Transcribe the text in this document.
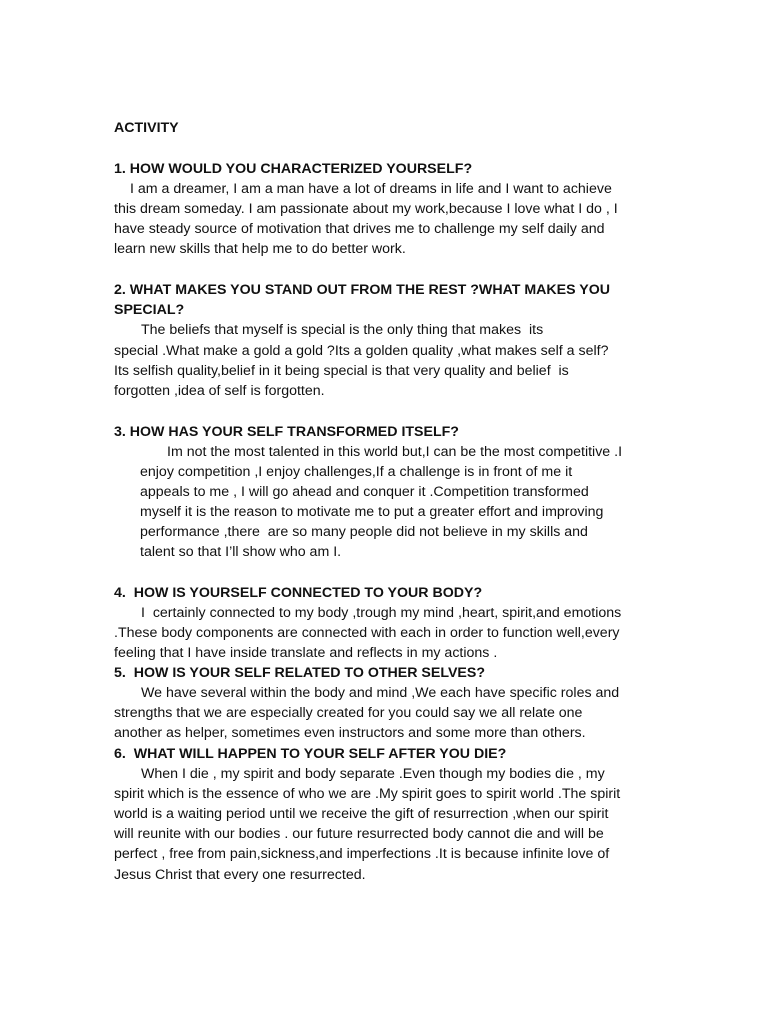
ACTIVITY
1. HOW WOULD YOU CHARACTERIZED YOURSELF?
I am a dreamer, I am a man have a lot of dreams in life and I want to achieve
this dream someday. I am passionate about my work,because I love what I do , I
have steady source of motivation that drives me to challenge my self daily and
learn new skills that help me to do better work.
2. WHAT MAKES YOU STAND OUT FROM THE REST ?WHAT MAKES YOU
SPECIAL?
The beliefs that myself is special is the only thing that makes  its
special .What make a gold a gold ?Its a golden quality ,what makes self a self?
Its selfish quality,belief in it being special is that very quality and belief  is
forgotten ,idea of self is forgotten.
3. HOW HAS YOUR SELF TRANSFORMED ITSELF?
Im not the most talented in this world but,I can be the most competitive .I
enjoy competition ,I enjoy challenges,If a challenge is in front of me it
appeals to me , I will go ahead and conquer it .Competition transformed
myself it is the reason to motivate me to put a greater effort and improving
performance ,there  are so many people did not believe in my skills and
talent so that I’ll show who am I.
4.  HOW IS YOURSELF CONNECTED TO YOUR BODY?
I  certainly connected to my body ,trough my mind ,heart, spirit,and emotions
.These body components are connected with each in order to function well,every
feeling that I have inside translate and reflects in my actions .
5.  HOW IS YOUR SELF RELATED TO OTHER SELVES?
We have several within the body and mind ,We each have specific roles and
strengths that we are especially created for you could say we all relate one
another as helper, sometimes even instructors and some more than others.
6.  WHAT WILL HAPPEN TO YOUR SELF AFTER YOU DIE?
When I die , my spirit and body separate .Even though my bodies die , my
spirit which is the essence of who we are .My spirit goes to spirit world .The spirit
world is a waiting period until we receive the gift of resurrection ,when our spirit
will reunite with our bodies . our future resurrected body cannot die and will be
perfect , free from pain,sickness,and imperfections .It is because infinite love of
Jesus Christ that every one resurrected.
